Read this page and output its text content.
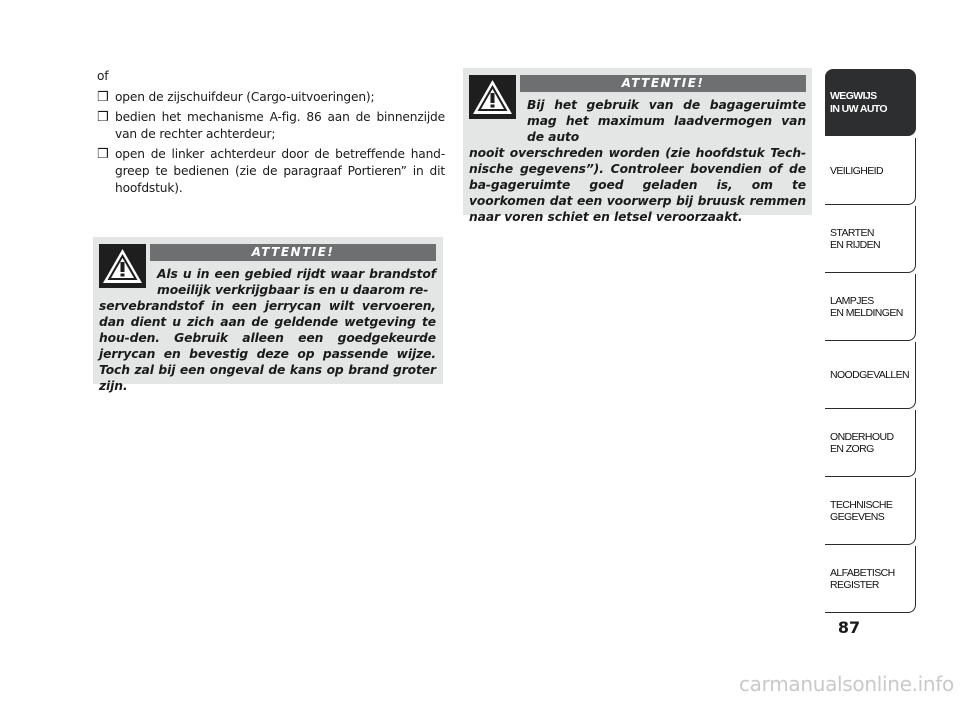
of

❒ open de zijschuifdeur (Cargo-uitvoeringen);
❒ bedien het mechanisme A-fig. 86 aan de binnenzijde van de rechter achterdeur;
❒ open de linker achterdeur door de betreffende hand-greep te bedienen (zie de paragraaf Portieren” in dit hoofdstuk).
ATTENTIE!
Als u in een gebied rijdt waar brandstof moeilijk verkrijgbaar is en u daarom re-
servebrandstof in een jerrycan wilt vervoeren, dan dient u zich aan de geldende wetgeving te hou-den. Gebruik alleen een goedgekeurde jerrycan en bevestig deze op passende wijze. Toch zal bij een ongeval de kans op brand groter zijn.
ATTENTIE!
Bij het gebruik van de bagageruimte mag het maximum laadvermogen van de auto
nooit overschreden worden (zie hoofdstuk Tech-nische gegevens”). Controleer bovendien of de ba-gageruimte goed geladen is, om te voorkomen dat een voorwerp bij bruusk remmen naar voren schiet en letsel veroorzaakt.
WEGWIJS
IN UW AUTO
VEILIGHEID
STARTEN
EN RIJDEN
LAMPJES
EN MELDINGEN
NOODGEVALLEN
ONDERHOUD
EN ZORG
TECHNISCHE
GEGEVENS
ALFABETISCH
REGISTER
87
carmanualsonline.info
